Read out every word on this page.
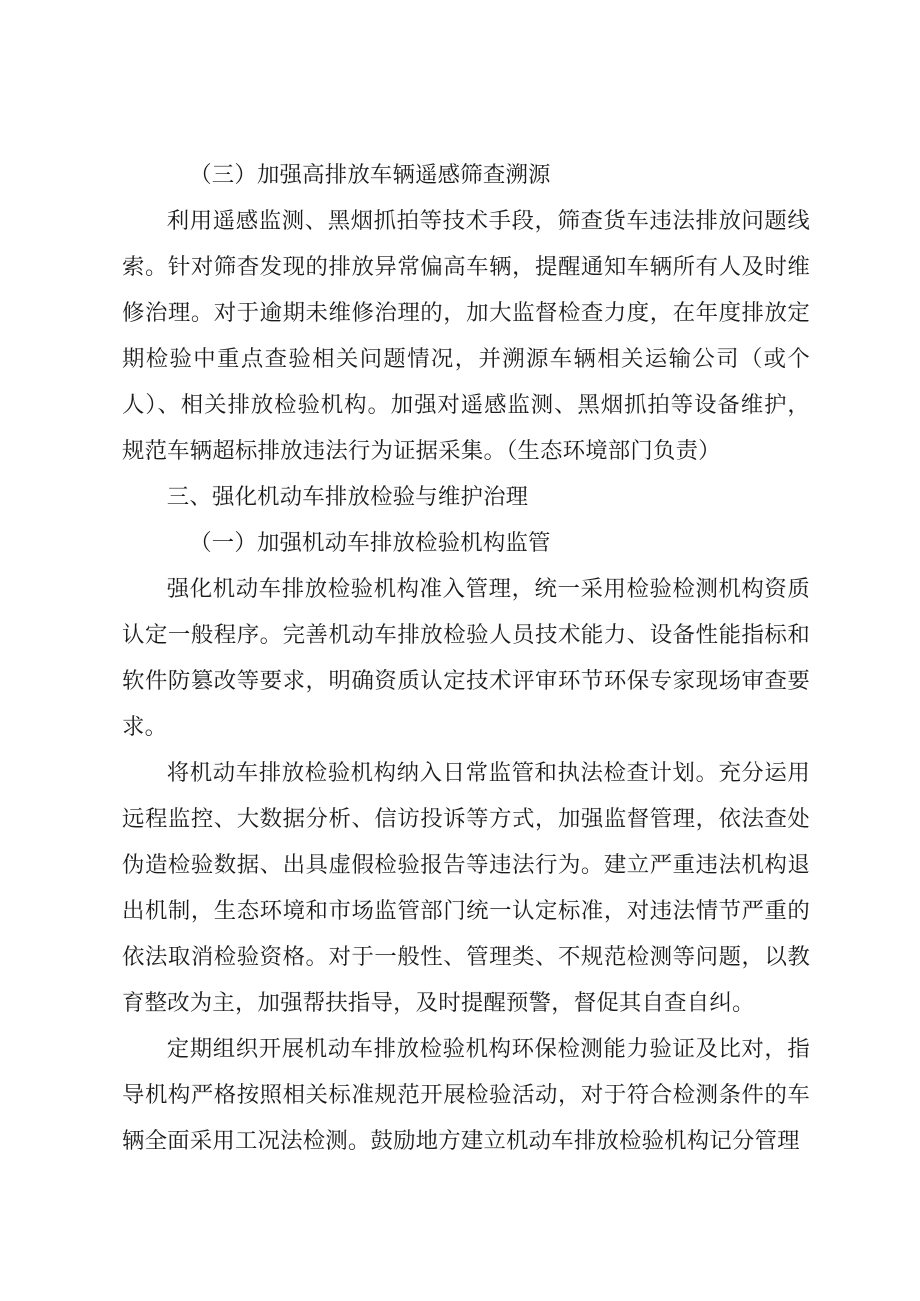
（三）加强高排放车辆遥感筛查溯源

利用遥感监测、黑烟抓拍等技术手段，筛查货车违法排放问题线索。针对筛杳发现的排放异常偏高车辆，提醒通知车辆所有人及时维修治理。对于逾期未维修治理的，加大监督检查力度，在年度排放定期检验中重点查验相关问题情况，并溯源车辆相关运输公司（或个人）、相关排放检验机构。加强对遥感监测、黑烟抓拍等设备维护，规范车辆超标排放违法行为证据采集。（生态环境部门负责）

三、强化机动车排放检验与维护治理

（一）加强机动车排放检验机构监管

强化机动车排放检验机构准入管理，统一采用检验检测机构资质认定一般程序。完善机动车排放检验人员技术能力、设备性能指标和软件防篡改等要求，明确资质认定技术评审环节环保专家现场审查要求。

将机动车排放检验机构纳入日常监管和执法检查计划。充分运用远程监控、大数据分析、信访投诉等方式，加强监督管理，依法查处伪造检验数据、出具虚假检验报告等违法行为。建立严重违法机构退出机制，生态环境和市场监管部门统一认定标准，对违法情节严重的依法取消检验资格。对于一般性、管理类、不规范检测等问题，以教育整改为主，加强帮扶指导，及时提醒预警，督促其自查自纠。

定期组织开展机动车排放检验机构环保检测能力验证及比对，指导机构严格按照相关标准规范开展检验活动，对于符合检测条件的车辆全面采用工况法检测。鼓励地方建立机动车排放检验机构记分管理
